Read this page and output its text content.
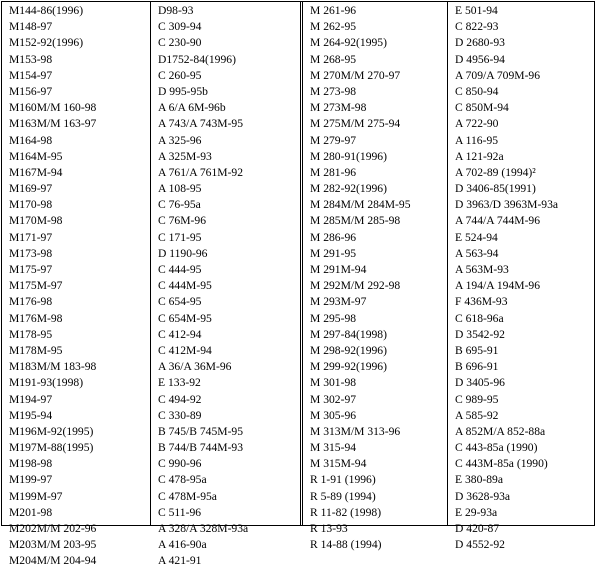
M144-86(1996)
M148-97
M152-92(1996)
M153-98
M154-97
M156-97
M160M/M 160-98
M163M/M 163-97
M164-98
M164M-95
M167M-94
M169-97
M170-98
M170M-98
M171-97
M173-98
M175-97
M175M-97
M176-98
M176M-98
M178-95
M178M-95
M183M/M 183-98
M191-93(1998)
M194-97
M195-94
M196M-92(1995)
M197M-88(1995)
M198-98
M199-97
M199M-97
M201-98
M202M/M 202-96
M203M/M 203-95
M204M/M 204-94
D98-93
C 309-94
C 230-90
D1752-84(1996)
C 260-95
D 995-95b
A 6/A 6M-96b
A 743/A 743M-95
A 325-96
A 325M-93
A 761/A 761M-92
A 108-95
C 76-95a
C 76M-96
C 171-95
D 1190-96
C 444-95
C 444M-95
C 654-95
C 654M-95
C 412-94
C 412M-94
A 36/A 36M-96
E 133-92
C 494-92
C 330-89
B 745/B 745M-95
B 744/B 744M-93
C 990-96
C 478-95a
C 478M-95a
C 511-96
A 328/A 328M-93a
A 416-90a
A 421-91
M 261-96
M 262-95
M 264-92(1995)
M 268-95
M 270M/M 270-97
M 273-98
M 273M-98
M 275M/M 275-94
M 279-97
M 280-91(1996)
M 281-96
M 282-92(1996)
M 284M/M 284M-95
M 285M/M 285-98
M 286-96
M 291-95
M 291M-94
M 292M/M 292-98
M 293M-97
M 295-98
M 297-84(1998)
M 298-92(1996)
M 299-92(1996)
M 301-98
M 302-97
M 305-96
M 313M/M 313-96
M 315-94
M 315M-94
R 1-91 (1996)
R 5-89 (1994)
R 11-82 (1998)
R 13-93
R 14-88 (1994)
E 501-94
C 822-93
D 2680-93
D 4956-94
A 709/A 709M-96
C 850-94
C 850M-94
A 722-90
A 116-95
A 121-92a
A 702-89 (1994)²
D 3406-85(1991)
D 3963/D 3963M-93a
A 744/A 744M-96
E 524-94
A 563-94
A 563M-93
A 194/A 194M-96
F 436M-93
C 618-96a
D 3542-92
B 695-91
B 696-91
D 3405-96
C 989-95
A 585-92
A 852M/A 852-88a
C 443-85a (1990)
C 443M-85a (1990)
E 380-89a
D 3628-93a
E 29-93a
D 420-87
D 4552-92
